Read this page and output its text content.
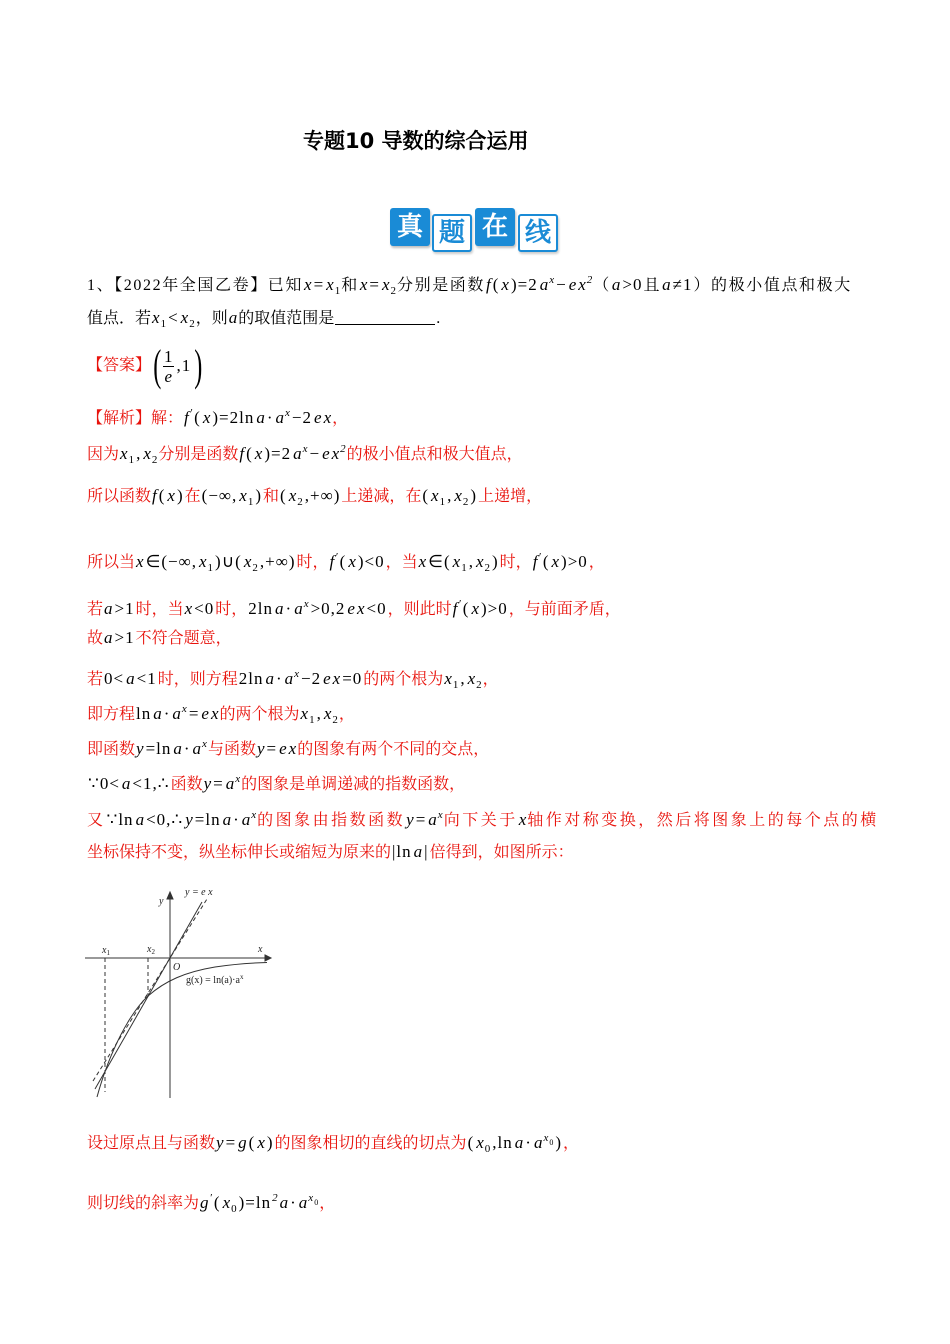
专题10 导数的综合运用
真 题 在 线
1、【2022年全国乙卷】已知$x = x_1$和$x = x_2$分别是函数f ( x )=2 $a^x - e$ $x^2(a >0$且a ≠1）的极小值点和极大
值点．若$x_1 < x_2$，则a的取值范围是	.
【答案】 ( $\frac{1}{e} ,1$ )
【解析】解：f′ ( x )=2ln $a \cdot a^x -2$ e x，
因为$x_1$ , $x_2$分别是函数f ( x )=2 $a^x - e$ $x^2$的极小值点和极大值点，
所以函数f ( x )在(−∞, $x_1$ )和( $x_2$ ,+∞)上递减，在( $x_1$ , $x_2$ )上递增，
所以当x ∈(−∞, $x_1$ )∪( $x_2$ ,+∞)时，f′ ( x )<0，当x ∈( $x_1$ , $x_2$ )时，f′ ( x )>0，
若a >1时，当x <0时，2ln $a \cdot a^x >0,2$ e x <0，则此时f′ ( x )>0，与前面矛盾，
故a >1不符合题意，
若0< a <1时，则方程2ln $a \cdot a^x -2$ e x =0的两个根为$x_1$ , $x_2$，
即方程$\ln a \cdot a^x = e$ x的两个根为$x_1$ , $x_2$，
即函数y =ln $a \cdot a^x$与函数y = e x的图象有两个不同的交点，
∵0< a <1,∴函数$y = a^x$的图象是单调递减的指数函数，
又∵ln a <0,∴ y =ln $a \cdot a^x$的图象由指数函数$y = a^x$向下关于x轴作对称变换，然后将图象上的每个点的横
坐标保持不变，纵坐标伸长或缩短为原来的|ln a |倍得到，如图所示：
y = e x
y
x
x1	x2
O
$g(x) = \ln(a)\cdot a^x$
设过原点且与函数y = g ( x )的图象相切的直线的切点为( $x_0$ ,ln $a \cdot a^x0$ )，
则切线的斜率为g′ ( $x_0$ )$=\ln^2$ $a \cdot a^x0$，
